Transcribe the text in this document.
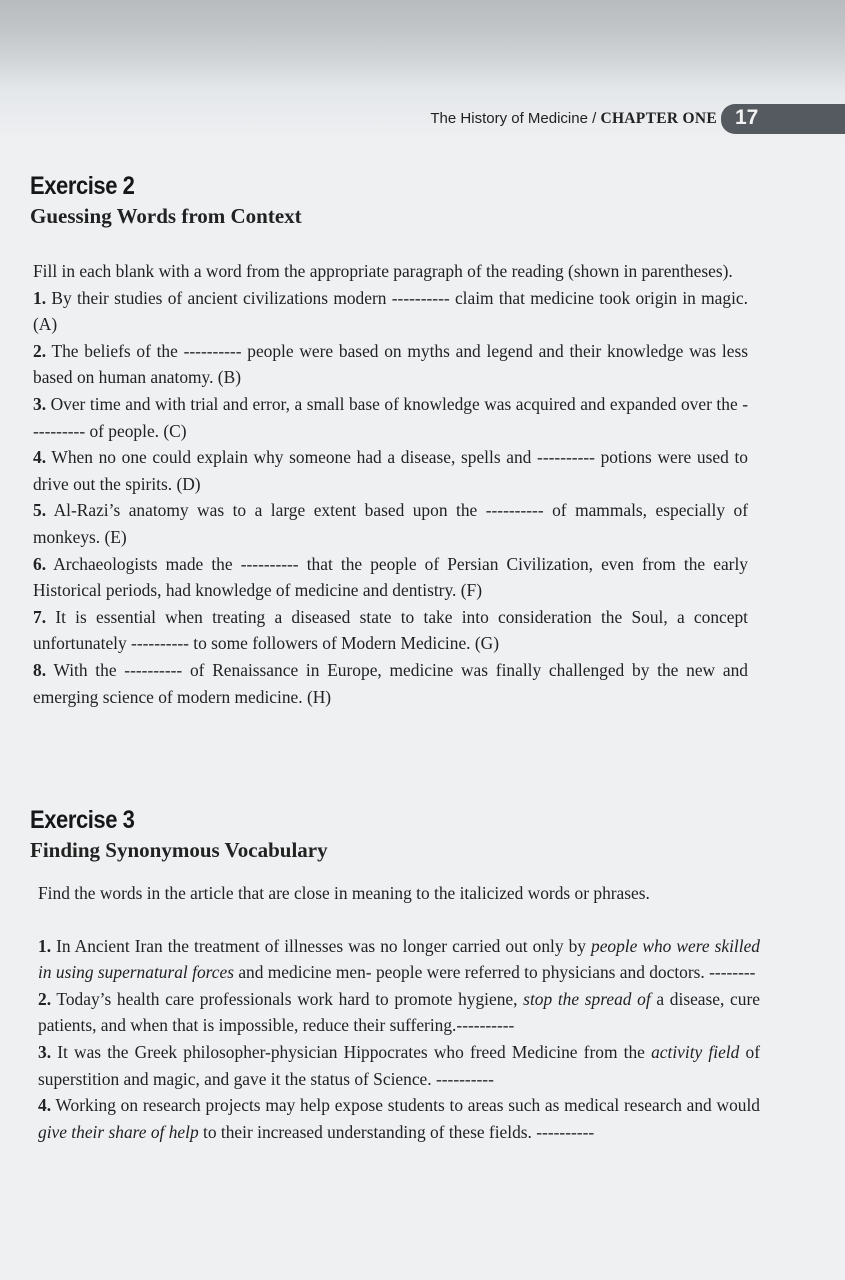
The History of Medicine / CHAPTER ONE 17
Exercise 2
Guessing Words from Context

Fill in each blank with a word from the appropriate paragraph of the reading (shown in parentheses).

1. By their studies of ancient civilizations modern ---------- claim that medicine took origin in magic. (A)

2. The beliefs of the ---------- people were based on myths and legend and their knowledge was less based on human anatomy. (B)

3. Over time and with trial and error, a small base of knowledge was acquired and expanded over the ---------- of people. (C)

4. When no one could explain why someone had a disease, spells and ---------- potions were used to drive out the spirits. (D)

5. Al-Razi’s anatomy was to a large extent based upon the ---------- of mammals, especially of monkeys. (E)

6. Archaeologists made the ---------- that the people of Persian Civilization, even from the early Historical periods, had knowledge of medicine and dentistry. (F)

7. It is essential when treating a diseased state to take into consideration the Soul, a concept unfortunately ---------- to some followers of Modern Medicine. (G)

8. With the ---------- of Renaissance in Europe, medicine was finally challenged by the new and emerging science of modern medicine. (H)

Exercise 3
Finding Synonymous Vocabulary

Find the words in the article that are close in meaning to the italicized words or phrases.

1. In Ancient Iran the treatment of illnesses was no longer carried out only by people who were skilled in using supernatural forces and medicine men- people were referred to physicians and doctors. --------

2. Today’s health care professionals work hard to promote hygiene, stop the spread of a disease, cure patients, and when that is impossible, reduce their suffering.----------

3. It was the Greek philosopher-physician Hippocrates who freed Medicine from the activity field of superstition and magic, and gave it the status of Science. ----------

4. Working on research projects may help expose students to areas such as medical research and would give their share of help to their increased understanding of these fields. ----------
